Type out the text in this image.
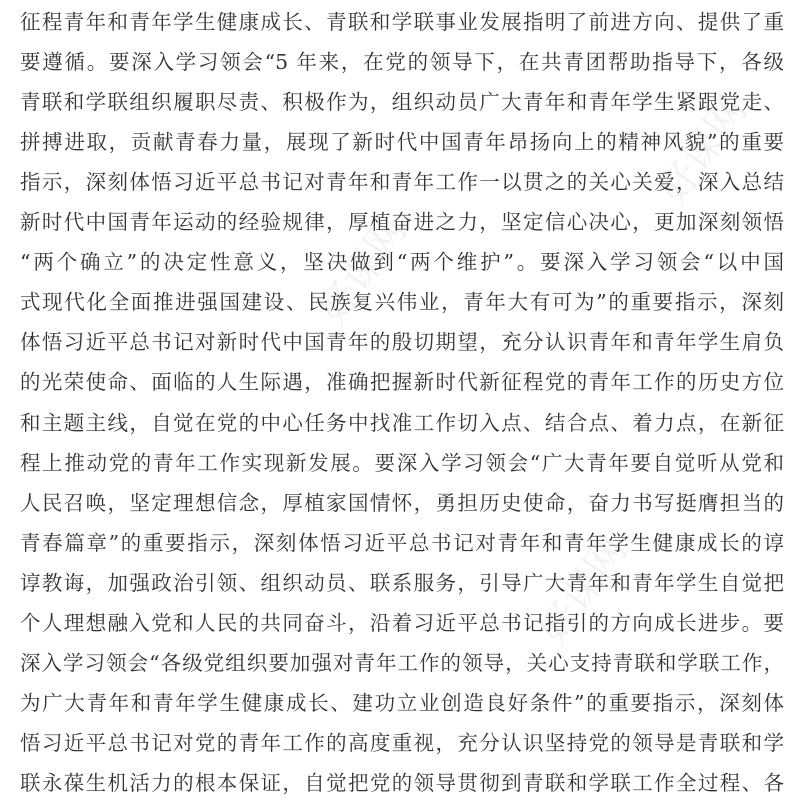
好课网
好课网
好课网
征程青年和青年学生健康成长、青联和学联事业发展指明了前进方向、提供了重
要遵循。要深入学习领会“5 年来，在党的领导下，在共青团帮助指导下，各级
青联和学联组织履职尽责、积极作为，组织动员广大青年和青年学生紧跟党走、
拼搏进取，贡献青春力量，展现了新时代中国青年昂扬向上的精神风貌”的重要
指示，深刻体悟习近平总书记对青年和青年工作一以贯之的关心关爱，深入总结
新时代中国青年运动的经验规律，厚植奋进之力，坚定信心决心，更加深刻领悟
“两个确立”的决定性意义，坚决做到“两个维护”。要深入学习领会“以中国
式现代化全面推进强国建设、民族复兴伟业，青年大有可为”的重要指示，深刻
体悟习近平总书记对新时代中国青年的殷切期望，充分认识青年和青年学生肩负
的光荣使命、面临的人生际遇，准确把握新时代新征程党的青年工作的历史方位
和主题主线，自觉在党的中心任务中找准工作切入点、结合点、着力点，在新征
程上推动党的青年工作实现新发展。要深入学习领会“广大青年要自觉听从党和
人民召唤，坚定理想信念，厚植家国情怀，勇担历史使命，奋力书写挺膺担当的
青春篇章”的重要指示，深刻体悟习近平总书记对青年和青年学生健康成长的谆
谆教诲，加强政治引领、组织动员、联系服务，引导广大青年和青年学生自觉把
个人理想融入党和人民的共同奋斗，沿着习近平总书记指引的方向成长进步。要
深入学习领会“各级党组织要加强对青年工作的领导，关心支持青联和学联工作，
为广大青年和青年学生健康成长、建功立业创造良好条件”的重要指示，深刻体
悟习近平总书记对党的青年工作的高度重视，充分认识坚持党的领导是青联和学
联永葆生机活力的根本保证，自觉把党的领导贯彻到青联和学联工作全过程、各
